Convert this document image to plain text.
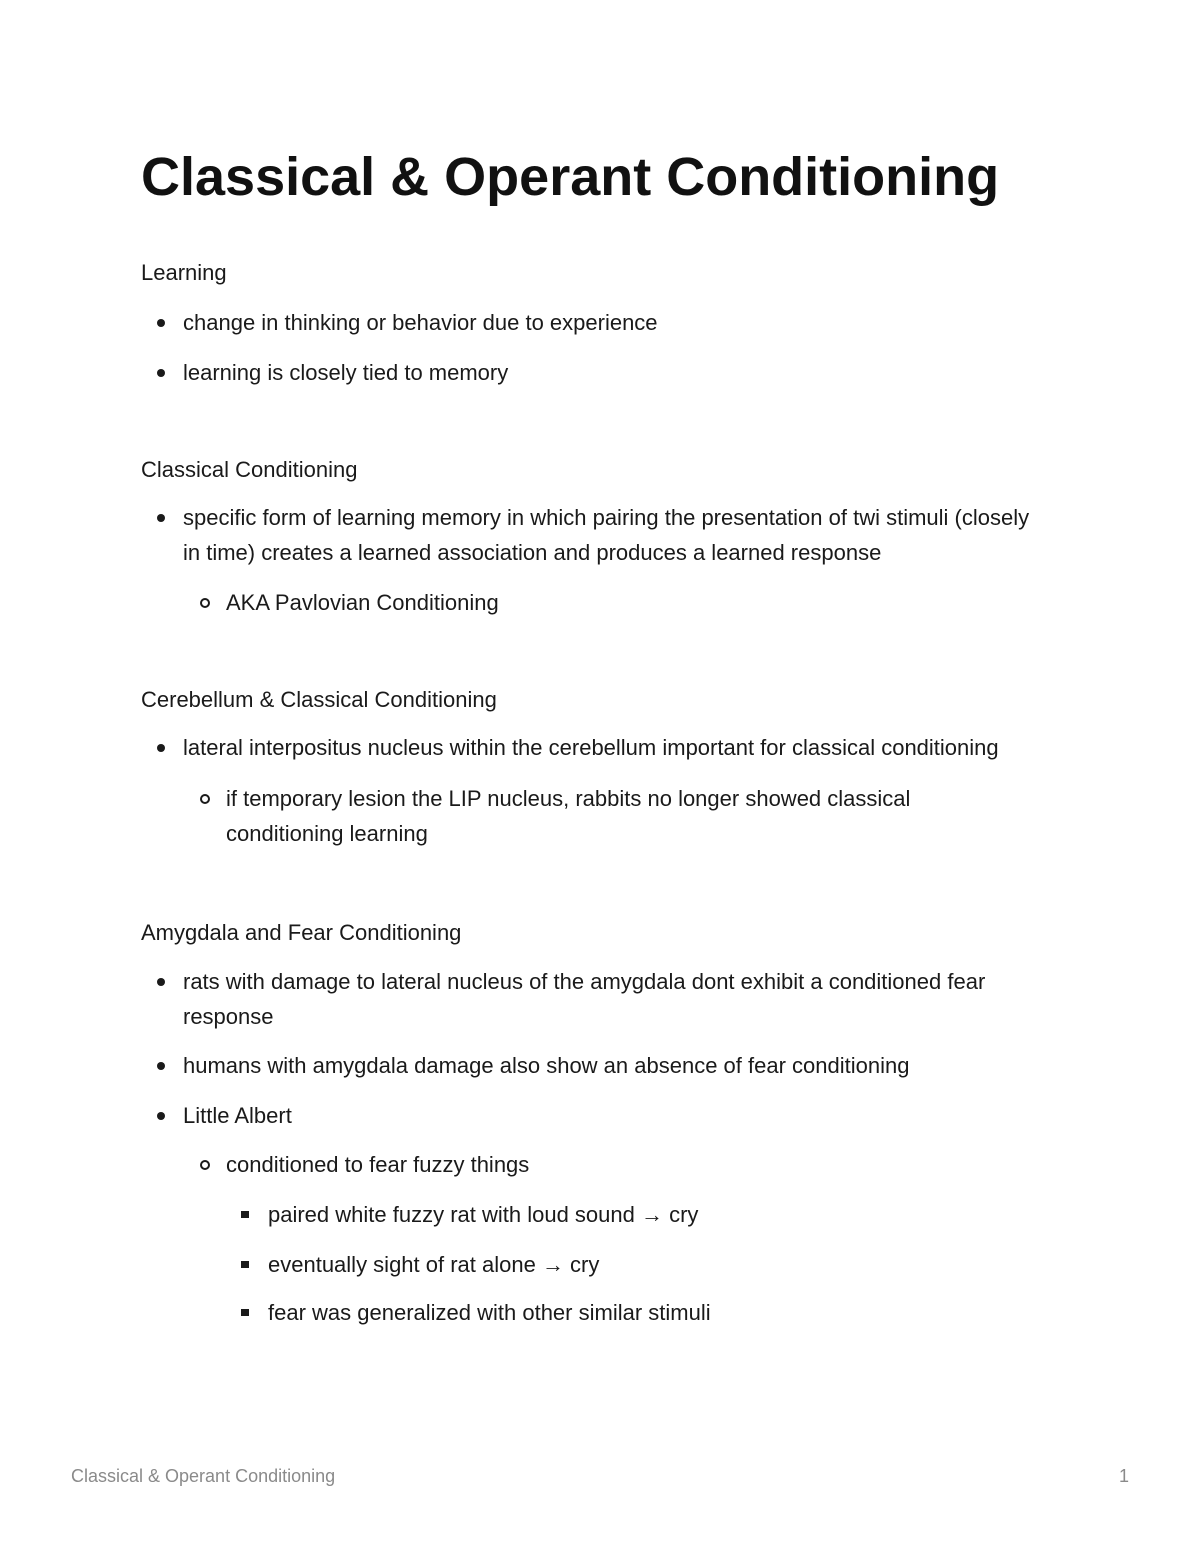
Classical & Operant Conditioning
Learning
change in thinking or behavior due to experience
learning is closely tied to memory
Classical Conditioning
specific form of learning memory in which pairing the presentation of twi stimuli (closely in time) creates a learned association and produces a learned response
AKA Pavlovian Conditioning
Cerebellum & Classical Conditioning
lateral interpositus nucleus within the cerebellum important for classical conditioning
if temporary lesion the LIP nucleus, rabbits no longer showed classical conditioning learning
Amygdala and Fear Conditioning
rats with damage to lateral nucleus of the amygdala dont exhibit a conditioned fear response
humans with amygdala damage also show an absence of fear conditioning
Little Albert
conditioned to fear fuzzy things
paired white fuzzy rat with loud sound → cry
eventually sight of rat alone → cry
fear was generalized with other similar stimuli
Classical & Operant Conditioning	1
